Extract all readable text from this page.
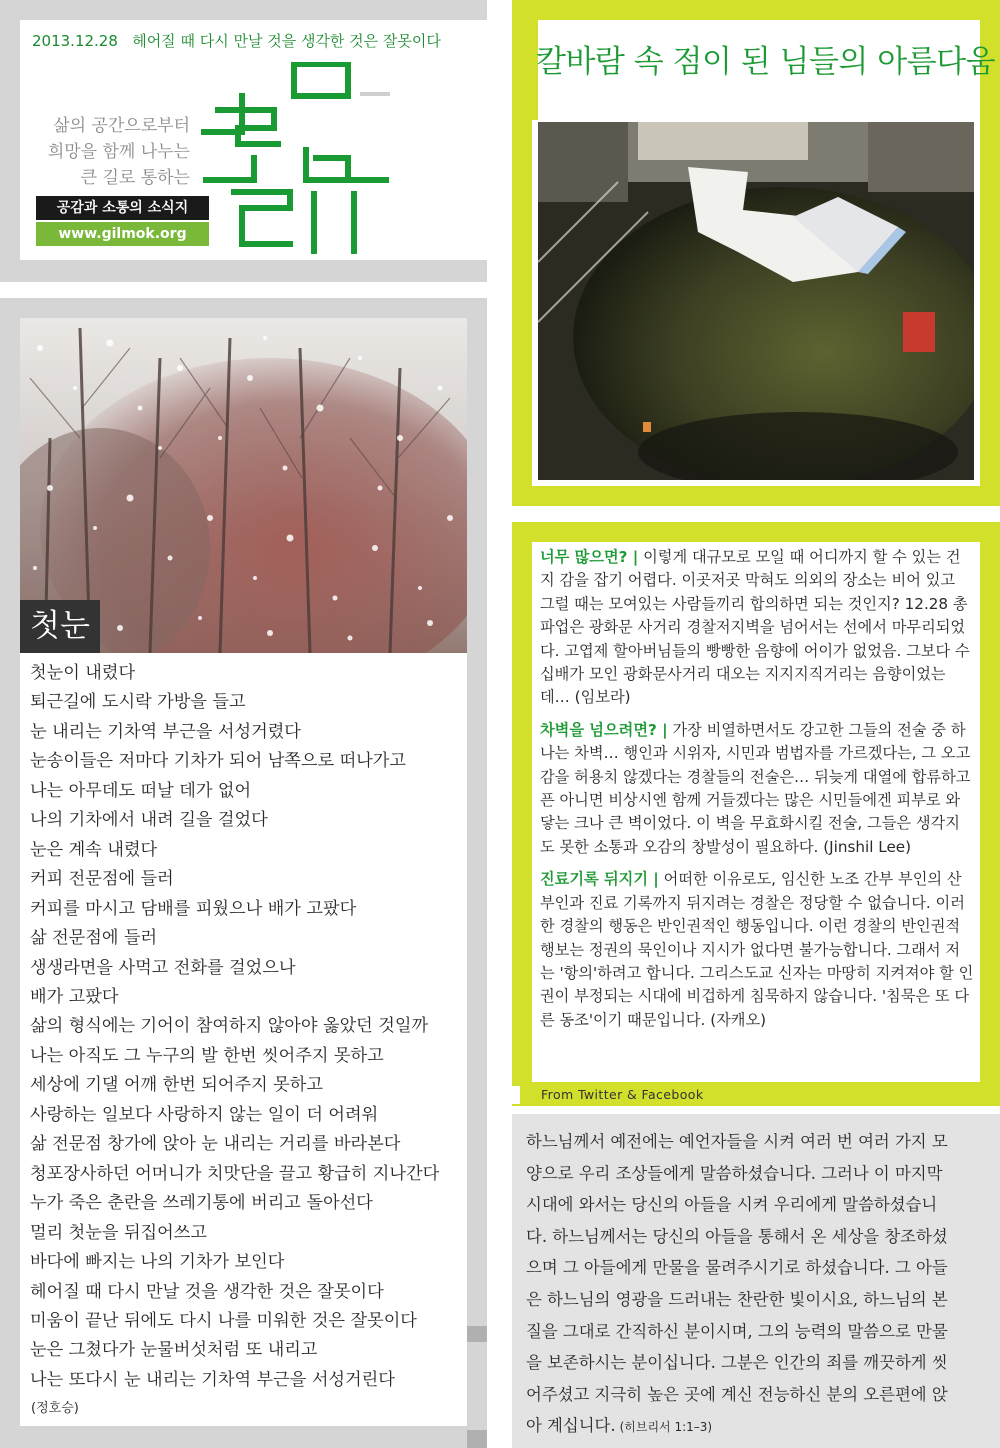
2013.12.28 헤어질 때 다시 만날 것을 생각한 것은 잘못이다
삶의 공간으로부터
희망을 함께 나누는
큰 길로 통하는
공감과 소통의 소식지
www.gilmok.org
길목
첫눈
첫눈이 내렸다
퇴근길에 도시락 가방을 들고
눈 내리는 기차역 부근을 서성거렸다
눈송이들은 저마다 기차가 되어 남쪽으로 떠나가고
나는 아무데도 떠날 데가 없어
나의 기차에서 내려 길을 걸었다
눈은 계속 내렸다
커피 전문점에 들러
커피를 마시고 담배를 피웠으나 배가 고팠다
삶 전문점에 들러
생생라면을 사먹고 전화를 걸었으나
배가 고팠다
삶의 형식에는 기어이 참여하지 않아야 옳았던 것일까
나는 아직도 그 누구의 발 한번 씻어주지 못하고
세상에 기댈 어깨 한번 되어주지 못하고
사랑하는 일보다 사랑하지 않는 일이 더 어려워
삶 전문점 창가에 앉아 눈 내리는 거리를 바라본다
청포장사하던 어머니가 치맛단을 끌고 황급히 지나간다
누가 죽은 춘란을 쓰레기통에 버리고 돌아선다
멀리 첫눈을 뒤집어쓰고
바다에 빠지는 나의 기차가 보인다
헤어질 때 다시 만날 것을 생각한 것은 잘못이다
미움이 끝난 뒤에도 다시 나를 미워한 것은 잘못이다
눈은 그쳤다가 눈물버섯처럼 또 내리고
나는 또다시 눈 내리는 기차역 부근을 서성거린다
(정호승)
칼바람 속 점이 된 님들의 아름다움
너무 많으면? | 이렇게 대규모로 모일 때 어디까지 할 수 있는 건지 감을 잡기 어렵다. 이곳저곳 막혀도 의외의 장소는 비어 있고 그럴 때는 모여있는 사람들끼리 합의하면 되는 것인지? 12.28 총파업은 광화문 사거리 경찰저지벽을 넘어서는 선에서 마무리되었다. 고엽제 할아버님들의 빵빵한 음향에 어이가 없었음. 그보다 수십배가 모인 광화문사거리 대오는 지지지직거리는 음향이었는데… (임보라)
차벽을 넘으려면? | 가장 비열하면서도 강고한 그들의 전술 중 하나는 차벽… 행인과 시위자, 시민과 범법자를 가르겠다는, 그 오고감을 허용치 않겠다는 경찰들의 전술은… 뒤늦게 대열에 합류하고픈 아니면 비상시엔 함께 거들겠다는 많은 시민들에겐 피부로 와닿는 크나 큰 벽이었다. 이 벽을 무효화시킬 전술, 그들은 생각지도 못한 소통과 오감의 창발성이 필요하다. (Jinshil Lee)
진료기록 뒤지기 | 어떠한 이유로도, 임신한 노조 간부 부인의 산부인과 진료 기록까지 뒤지려는 경찰은 정당할 수 없습니다. 이러한 경찰의 행동은 반인권적인 행동입니다. 이런 경찰의 반인권적 행보는 정권의 묵인이나 지시가 없다면 불가능합니다. 그래서 저는 '항의'하려고 합니다. 그리스도교 신자는 마땅히 지켜져야 할 인권이 부정되는 시대에 비겁하게 침묵하지 않습니다. '침묵은 또 다른 동조'이기 때문입니다. (자캐오)
From Twitter & Facebook
하느님께서 예전에는 예언자들을 시켜 여러 번 여러 가지 모
양으로 우리 조상들에게 말씀하셨습니다. 그러나 이 마지막
시대에 와서는 당신의 아들을 시켜 우리에게 말씀하셨습니
다. 하느님께서는 당신의 아들을 통해서 온 세상을 창조하셨
으며 그 아들에게 만물을 물려주시기로 하셨습니다. 그 아들
은 하느님의 영광을 드러내는 찬란한 빛이시요, 하느님의 본
질을 그대로 간직하신 분이시며, 그의 능력의 말씀으로 만물
을 보존하시는 분이십니다. 그분은 인간의 죄를 깨끗하게 씻
어주셨고 지극히 높은 곳에 계신 전능하신 분의 오른편에 앉
아 계십니다. (히브리서 1:1–3)
